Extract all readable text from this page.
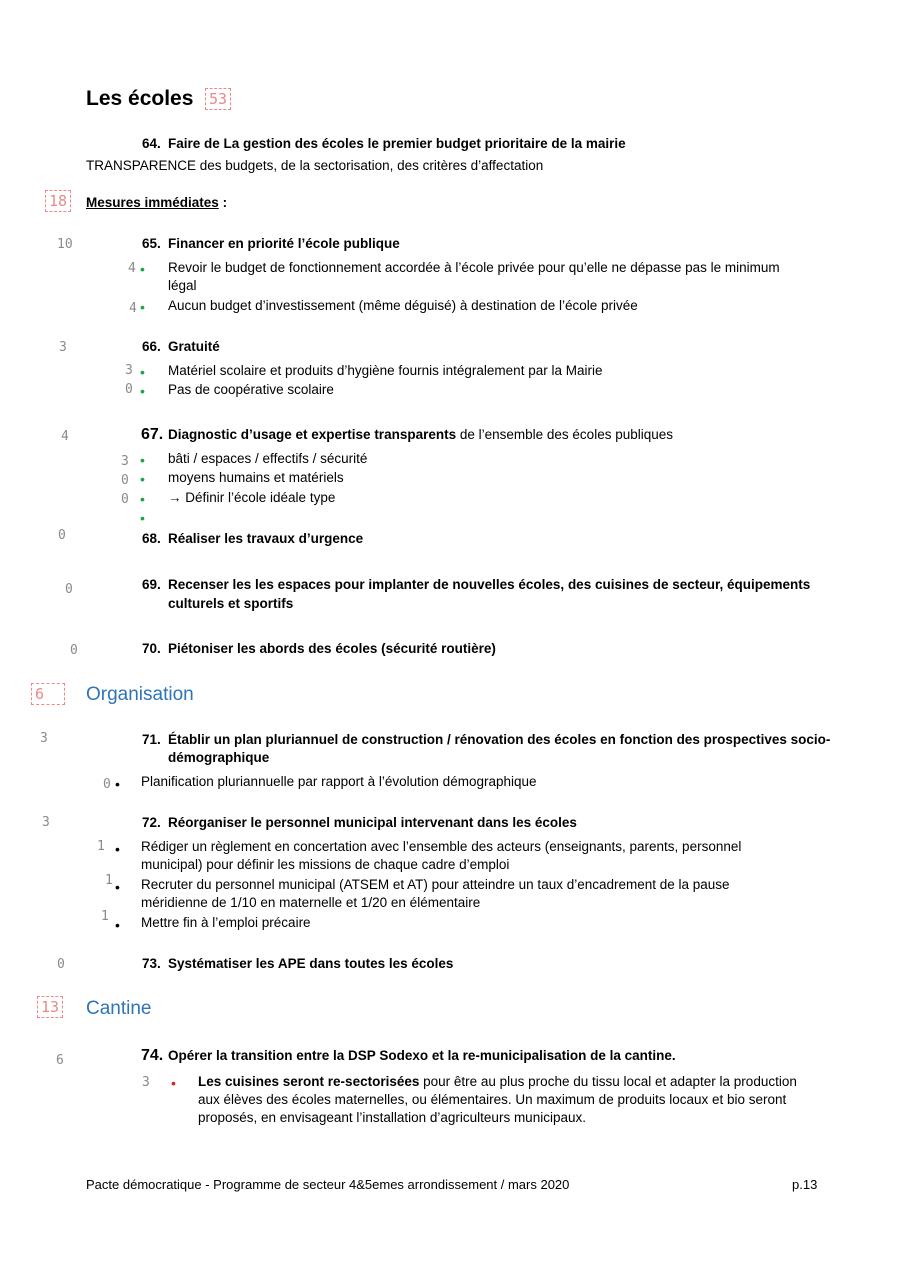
Les écoles 53
64. Faire de La gestion des écoles le premier budget prioritaire de la mairie
TRANSPARENCE des budgets, de la sectorisation, des critères d’affectation
18 Mesures immédiates :
10	65. Financer en priorité l’école publique
4 • Revoir le budget de fonctionnement accordée à l’école privée pour qu’elle ne dépasse pas le minimum
légal
4 • Aucun budget d’investissement (même déguisé) à destination de l’école privée
3	66. Gratuité
3 • Matériel scolaire et produits d’hygiène fournis intégralement par la Mairie
0 • Pas de coopérative scolaire
4	67. Diagnostic d’usage et expertise transparents de l’ensemble des écoles publiques
3 • bâti / espaces / effectifs / sécurité
0 • moyens humains et matériels
0 • → Définir l’école idéale type
•
0	68. Réaliser les travaux d’urgence
0	69. Recenser les les espaces pour implanter de nouvelles écoles, des cuisines de secteur, équipements
culturels et sportifs
0	70. Piétoniser les abords des écoles (sécurité routière)
6	Organisation
3	71. Établir un plan pluriannuel de construction / rénovation des écoles en fonction des prospectives socio-
démographique
0 • Planification pluriannuelle par rapport à l’évolution démographique
3	72. Réorganiser le personnel municipal intervenant dans les écoles
1 • Rédiger un règlement en concertation avec l’ensemble des acteurs (enseignants, parents, personnel
municipal) pour définir les missions de chaque cadre d’emploi
1 • Recruter du personnel municipal (ATSEM et AT) pour atteindre un taux d’encadrement de la pause
méridienne de 1/10 en maternelle et 1/20 en élémentaire
1
• Mettre fin à l’emploi précaire
0	73. Systématiser les APE dans toutes les écoles
13 Cantine
6	74. Opérer la transition entre la DSP Sodexo et la re-municipalisation de la cantine.
3 • Les cuisines seront re-sectorisées pour être au plus proche du tissu local et adapter la production
aux élèves des écoles maternelles, ou élémentaires. Un maximum de produits locaux et bio seront
proposés, en envisageant l’installation d’agriculteurs municipaux.
Pacte démocratique - Programme de secteur 4&5emes arrondissement / mars 2020	p.13
